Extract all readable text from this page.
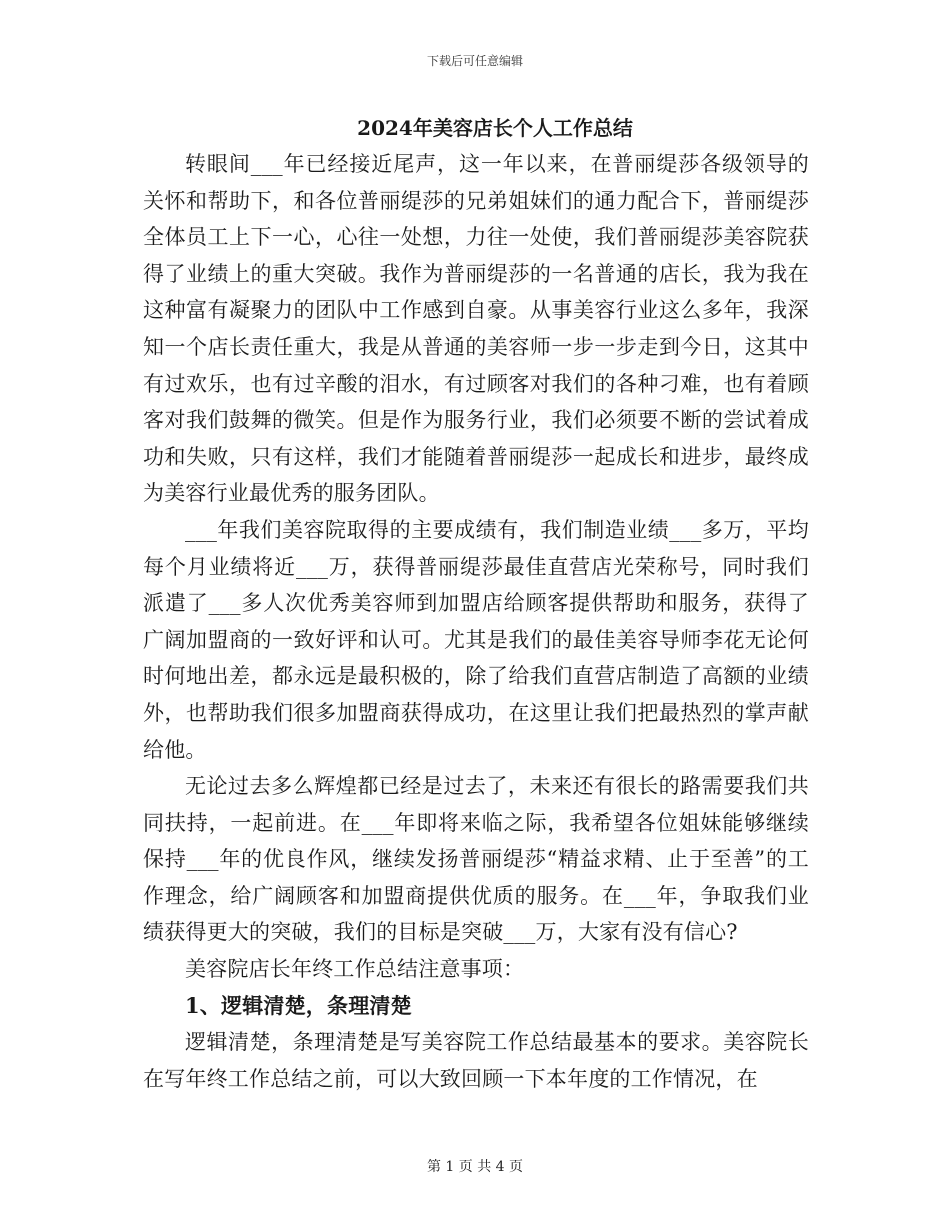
下载后可任意编辑
2024年美容店长个人工作总结

转眼间___年已经接近尾声，这一年以来，在普丽缇莎各级领导的关怀和帮助下，和各位普丽缇莎的兄弟姐妹们的通力配合下，普丽缇莎全体员工上下一心，心往一处想，力往一处使，我们普丽缇莎美容院获得了业绩上的重大突破。我作为普丽缇莎的一名普通的店长，我为我在这种富有凝聚力的团队中工作感到自豪。从事美容行业这么多年，我深知一个店长责任重大，我是从普通的美容师一步一步走到今日，这其中有过欢乐，也有过辛酸的泪水，有过顾客对我们的各种刁难，也有着顾客对我们鼓舞的微笑。但是作为服务行业，我们必须要不断的尝试着成功和失败，只有这样，我们才能随着普丽缇莎一起成长和进步，最终成为美容行业最优秀的服务团队。

___年我们美容院取得的主要成绩有，我们制造业绩___多万，平均每个月业绩将近___万，获得普丽缇莎最佳直营店光荣称号，同时我们派遣了___多人次优秀美容师到加盟店给顾客提供帮助和服务，获得了广阔加盟商的一致好评和认可。尤其是我们的最佳美容导师李花无论何时何地出差，都永远是最积极的，除了给我们直营店制造了高额的业绩外，也帮助我们很多加盟商获得成功，在这里让我们把最热烈的掌声献给他。

无论过去多么辉煌都已经是过去了，未来还有很长的路需要我们共同扶持，一起前进。在___年即将来临之际，我希望各位姐妹能够继续保持___年的优良作风，继续发扬普丽缇莎“精益求精、止于至善”的工作理念，给广阔顾客和加盟商提供优质的服务。在___年，争取我们业绩获得更大的突破，我们的目标是突破___万，大家有没有信心?

美容院店长年终工作总结注意事项：

1、逻辑清楚，条理清楚

逻辑清楚，条理清楚是写美容院工作总结最基本的要求。美容院长在写年终工作总结之前，可以大致回顾一下本年度的工作情况，在

第 1 页 共 4 页
